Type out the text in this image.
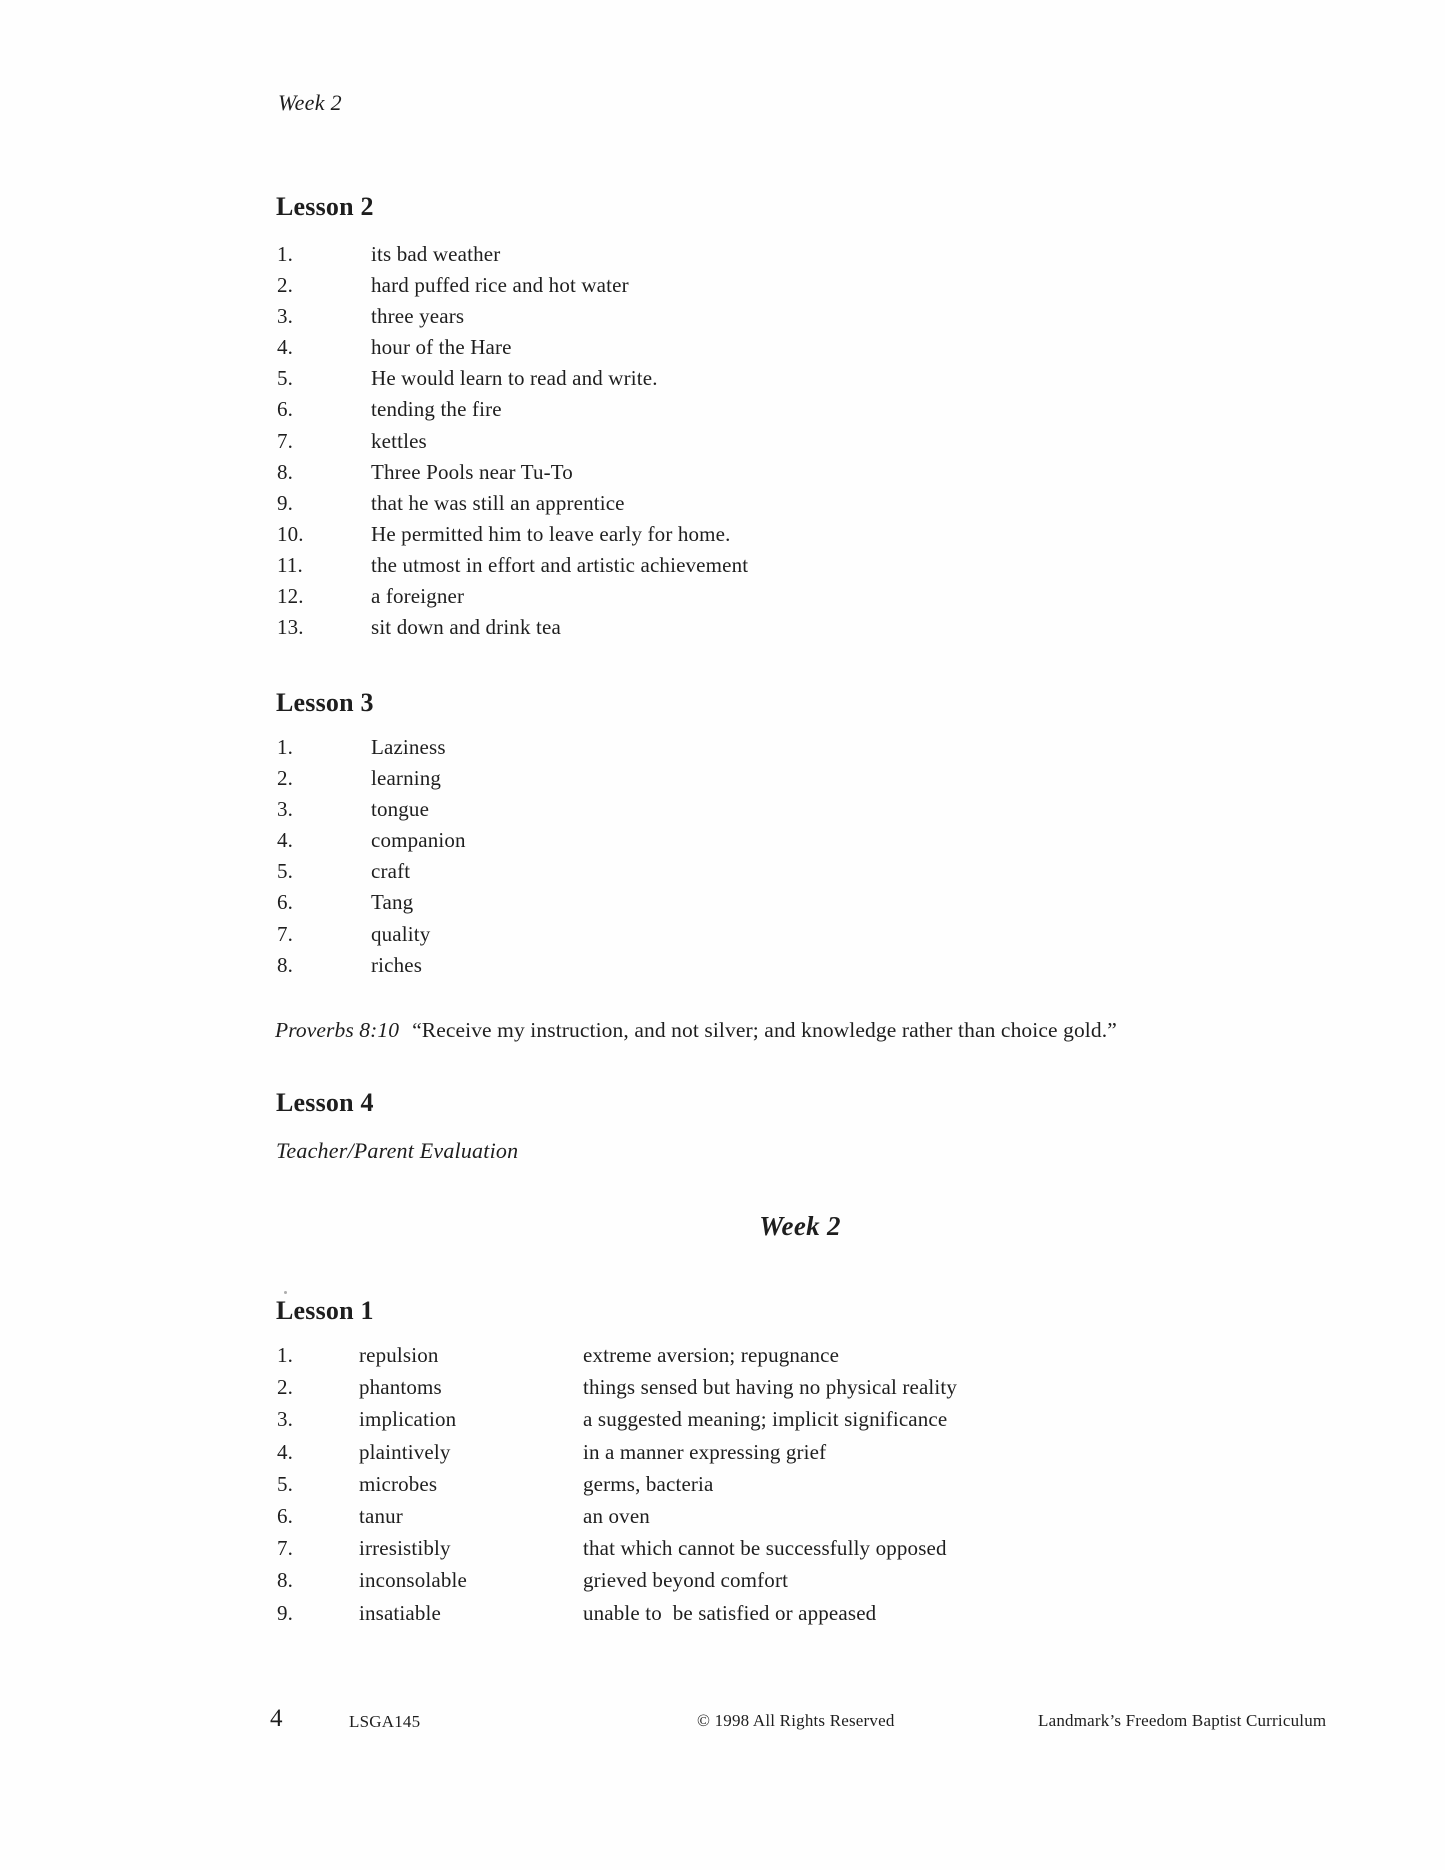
Week 2
Lesson 2
1.	its bad weather
2.	hard puffed rice and hot water
3.	three years
4.	hour of the Hare
5.	He would learn to read and write.
6.	tending the fire
7.	kettles
8.	Three Pools near Tu-To
9.	that he was still an apprentice
10.	He permitted him to leave early for home.
11.	the utmost in effort and artistic achievement
12.	a foreigner
13.	sit down and drink tea
Lesson 3
1.	Laziness
2.	learning
3.	tongue
4.	companion
5.	craft
6.	Tang
7.	quality
8.	riches
Proverbs 8:10 “Receive my instruction, and not silver; and knowledge rather than choice gold.”
Lesson 4
Teacher/Parent Evaluation
Week 2
Lesson 1
1.	repulsion	extreme aversion; repugnance
2.	phantoms	things sensed but having no physical reality
3.	implication	a suggested meaning; implicit significance
4.	plaintively	in a manner expressing grief
5.	microbes	germs, bacteria
6.	tanur	an oven
7.	irresistibly	that which cannot be successfully opposed
8.	inconsolable	grieved beyond comfort
9.	insatiable	unable to  be satisfied or appeased
4	LSGA145	© 1998 All Rights Reserved	Landmark’s Freedom Baptist Curriculum
